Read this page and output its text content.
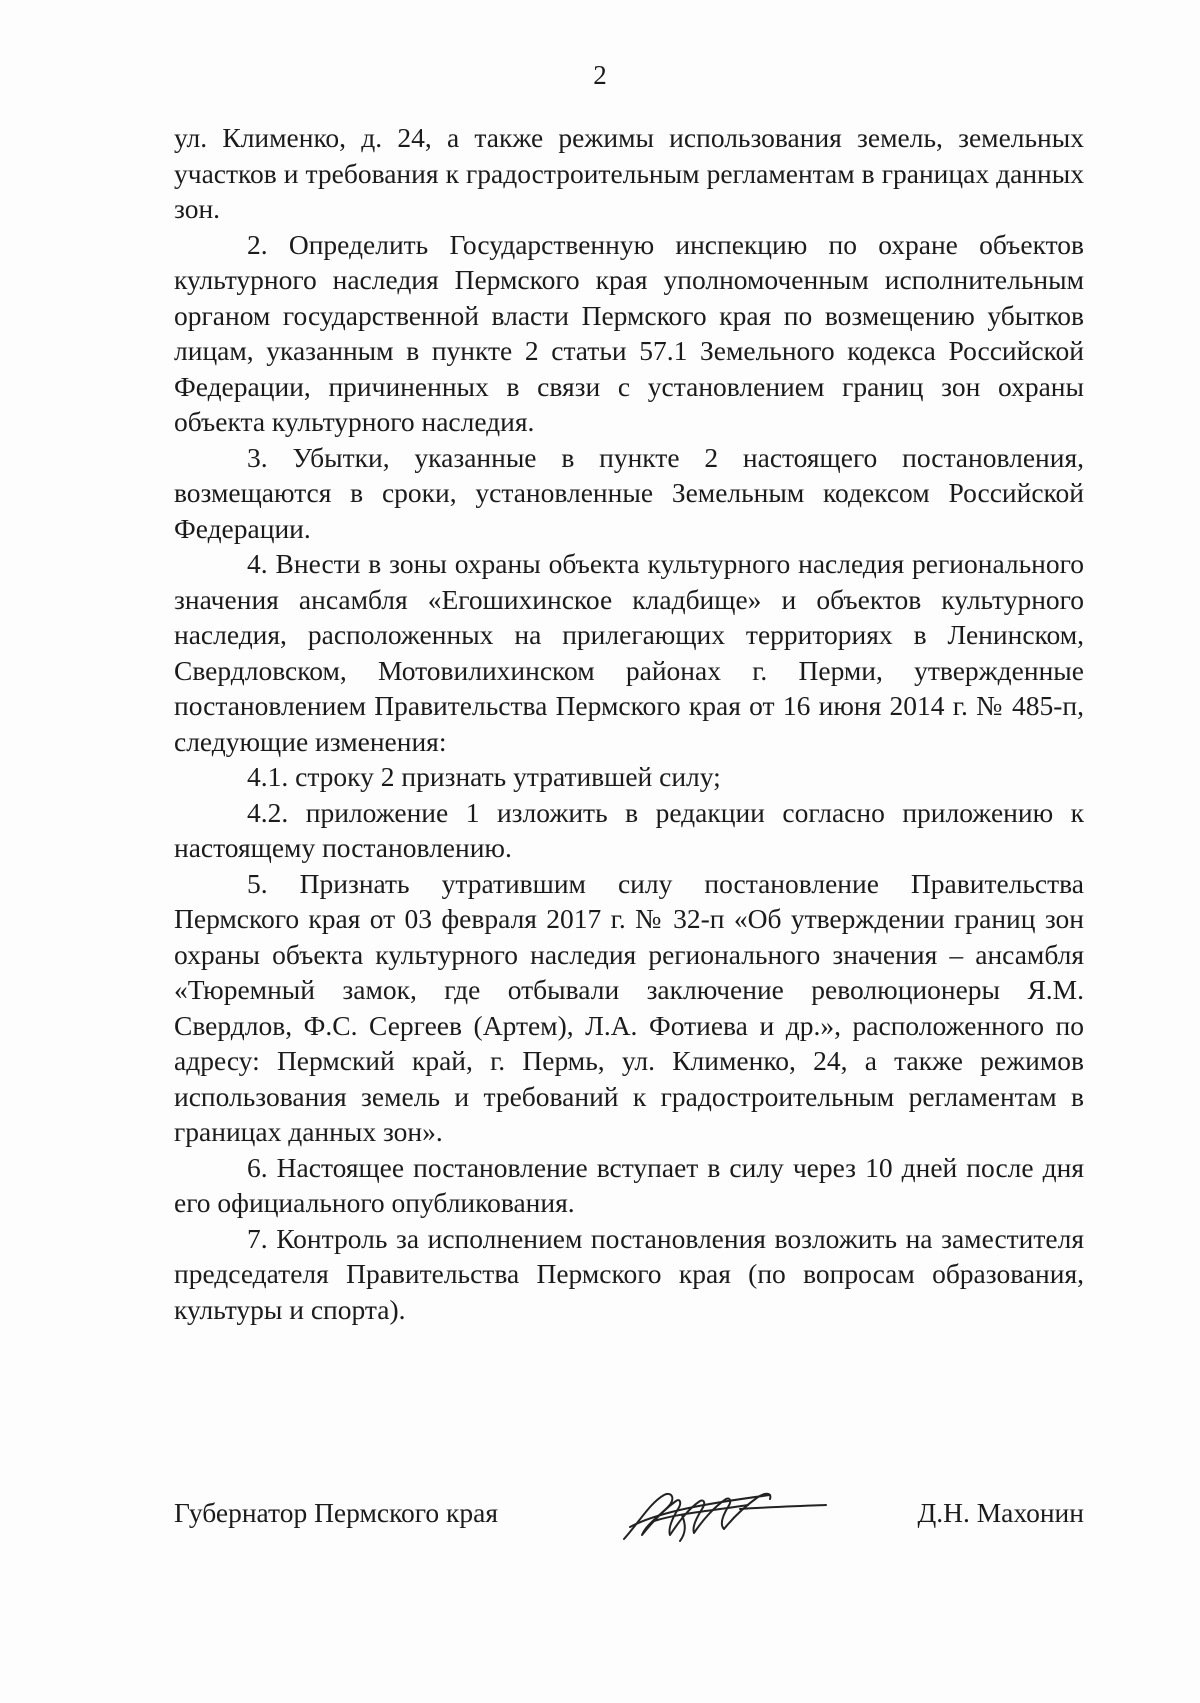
2

ул. Клименко, д. 24, а также режимы использования земель, земельных участков и требования к градостроительным регламентам в границах данных зон.

2. Определить Государственную инспекцию по охране объектов культурного наследия Пермского края уполномоченным исполнительным органом государственной власти Пермского края по возмещению убытков лицам, указанным в пункте 2 статьи 57.1 Земельного кодекса Российской Федерации, причиненных в связи с установлением границ зон охраны объекта культурного наследия.

3. Убытки, указанные в пункте 2 настоящего постановления, возмещаются в сроки, установленные Земельным кодексом Российской Федерации.

4. Внести в зоны охраны объекта культурного наследия регионального значения ансамбля «Егошихинское кладбище» и объектов культурного наследия, расположенных на прилегающих территориях в Ленинском, Свердловском, Мотовилихинском районах г. Перми, утвержденные постановлением Правительства Пермского края от 16 июня 2014 г. № 485-п, следующие изменения:

4.1. строку 2 признать утратившей силу;

4.2. приложение 1 изложить в редакции согласно приложению к настоящему постановлению.

5. Признать утратившим силу постановление Правительства Пермского края от 03 февраля 2017 г. № 32-п «Об утверждении границ зон охраны объекта культурного наследия регионального значения – ансамбля «Тюремный замок, где отбывали заключение революционеры Я.М. Свердлов, Ф.С. Сергеев (Артем), Л.А. Фотиева и др.», расположенного по адресу: Пермский край, г. Пермь, ул. Клименко, 24, а также режимов использования земель и требований к градостроительным регламентам в границах данных зон».

6. Настоящее постановление вступает в силу через 10 дней после дня его официального опубликования.

7. Контроль за исполнением постановления возложить на заместителя председателя Правительства Пермского края (по вопросам образования, культуры и спорта).

Губернатор Пермского края	Д.Н. Махонин
